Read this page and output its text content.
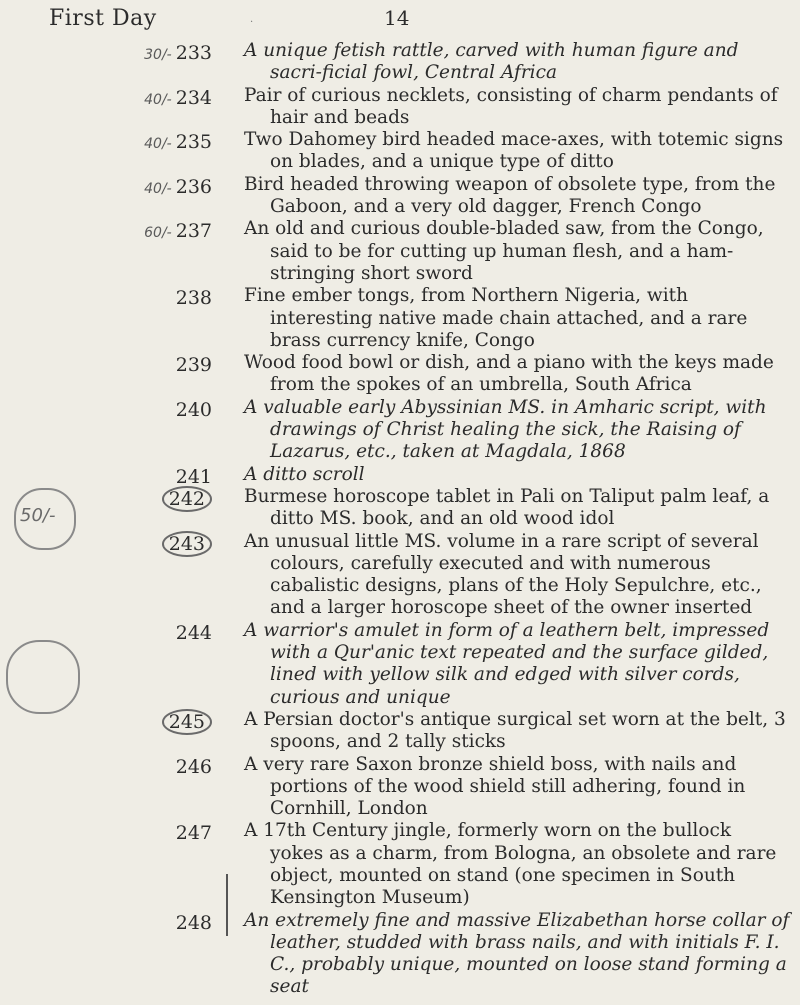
First Day	.	14
50/-
30/- 233 A unique fetish rattle, carved with human figure and sacri-ficial fowl, Central Africa
40/- 234 Pair of curious necklets, consisting of charm pendants of hair and beads
40/- 235 Two Dahomey bird headed mace-axes, with totemic signs on blades, and a unique type of ditto
40/- 236 Bird headed throwing weapon of obsolete type, from the Gaboon, and a very old dagger, French Congo
60/- 237 An old and curious double-bladed saw, from the Congo, said to be for cutting up human flesh, and a ham-stringing short sword
238 Fine ember tongs, from Northern Nigeria, with interesting native made chain attached, and a rare brass currency knife, Congo
239 Wood food bowl or dish, and a piano with the keys made from the spokes of an umbrella, South Africa
240 A valuable early Abyssinian MS. in Amharic script, with drawings of Christ healing the sick, the Raising of Lazarus, etc., taken at Magdala, 1868
241 A ditto scroll
242	Burmese horoscope tablet in Pali on Taliput palm leaf, a ditto MS. book, and an old wood idol
243	An unusual little MS. volume in a rare script of several colours, carefully executed and with numerous cabalistic designs, plans of the Holy Sepulchre, etc., and a larger horoscope sheet of the owner inserted
244 A warrior's amulet in form of a leathern belt, impressed with a Qur'anic text repeated and the surface gilded, lined with yellow silk and edged with silver cords, curious and unique
245	A Persian doctor's antique surgical set worn at the belt, 3 spoons, and 2 tally sticks
246 A very rare Saxon bronze shield boss, with nails and portions of the wood shield still adhering, found in Cornhill, London
247 A 17th Century jingle, formerly worn on the bullock yokes as a charm, from Bologna, an obsolete and rare object, mounted on stand (one specimen in South Kensington Museum)
248 An extremely fine and massive Elizabethan horse collar of leather, studded with brass nails, and with initials F. I. C., probably unique, mounted on loose stand forming a seat
